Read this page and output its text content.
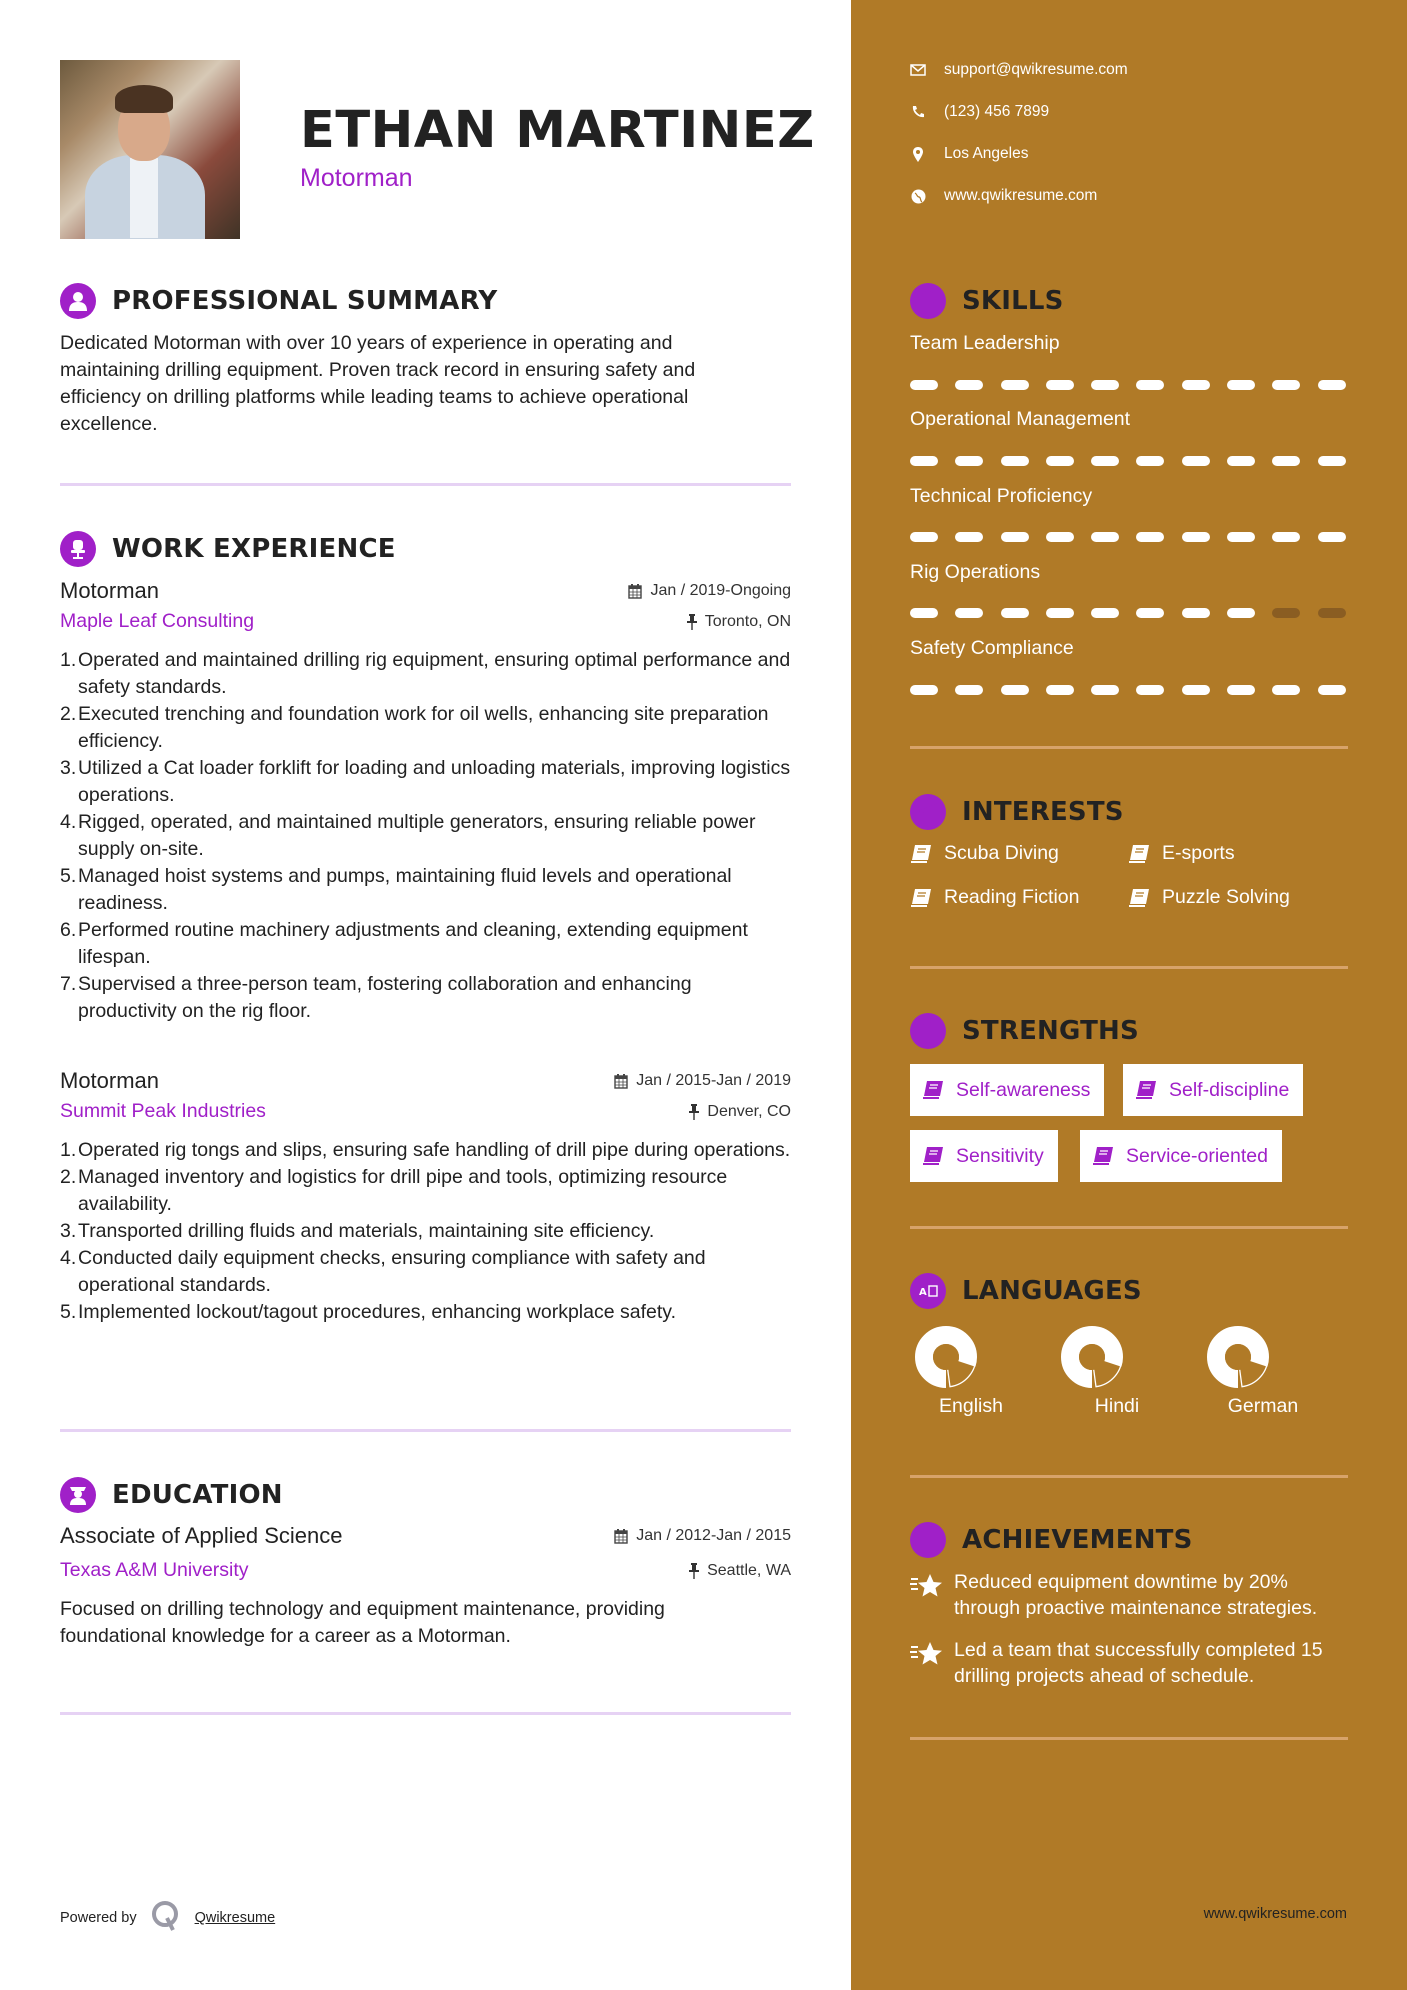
ETHAN MARTINEZ
Motorman
PROFESSIONAL SUMMARY
Dedicated Motorman with over 10 years of experience in operating and maintaining drilling equipment. Proven track record in ensuring safety and efficiency on drilling platforms while leading teams to achieve operational excellence.
WORK EXPERIENCE
Motorman	Jan / 2019-Ongoing
Maple Leaf Consulting	Toronto, ON
1. Operated and maintained drilling rig equipment, ensuring optimal performance and safety standards.
2. Executed trenching and foundation work for oil wells, enhancing site preparation efficiency.
3. Utilized a Cat loader forklift for loading and unloading materials, improving logistics operations.
4. Rigged, operated, and maintained multiple generators, ensuring reliable power supply on-site.
5. Managed hoist systems and pumps, maintaining fluid levels and operational readiness.
6. Performed routine machinery adjustments and cleaning, extending equipment lifespan.
7. Supervised a three-person team, fostering collaboration and enhancing productivity on the rig floor.
Motorman	Jan / 2015-Jan / 2019
Summit Peak Industries	Denver, CO
1. Operated rig tongs and slips, ensuring safe handling of drill pipe during operations.
2. Managed inventory and logistics for drill pipe and tools, optimizing resource availability.
3. Transported drilling fluids and materials, maintaining site efficiency.
4. Conducted daily equipment checks, ensuring compliance with safety and operational standards.
5. Implemented lockout/tagout procedures, enhancing workplace safety.
EDUCATION
Associate of Applied Science	Jan / 2012-Jan / 2015
Texas A&M University	Seattle, WA
Focused on drilling technology and equipment maintenance, providing foundational knowledge for a career as a Motorman.
Powered by	Qwikresume
support@qwikresume.com
(123) 456 7899
Los Angeles
www.qwikresume.com
SKILLS
Team Leadership
Operational Management
Technical Proficiency
Rig Operations
Safety Compliance
INTERESTS
Scuba Diving	E-sports
Reading Fiction	Puzzle Solving
STRENGTHS
Self-awareness	Self-discipline
Sensitivity	Service-oriented
A LANGUAGES
English	Hindi	German
ACHIEVEMENTS
Reduced equipment downtime by 20% through proactive maintenance strategies.
Led a team that successfully completed 15 drilling projects ahead of schedule.
www.qwikresume.com
